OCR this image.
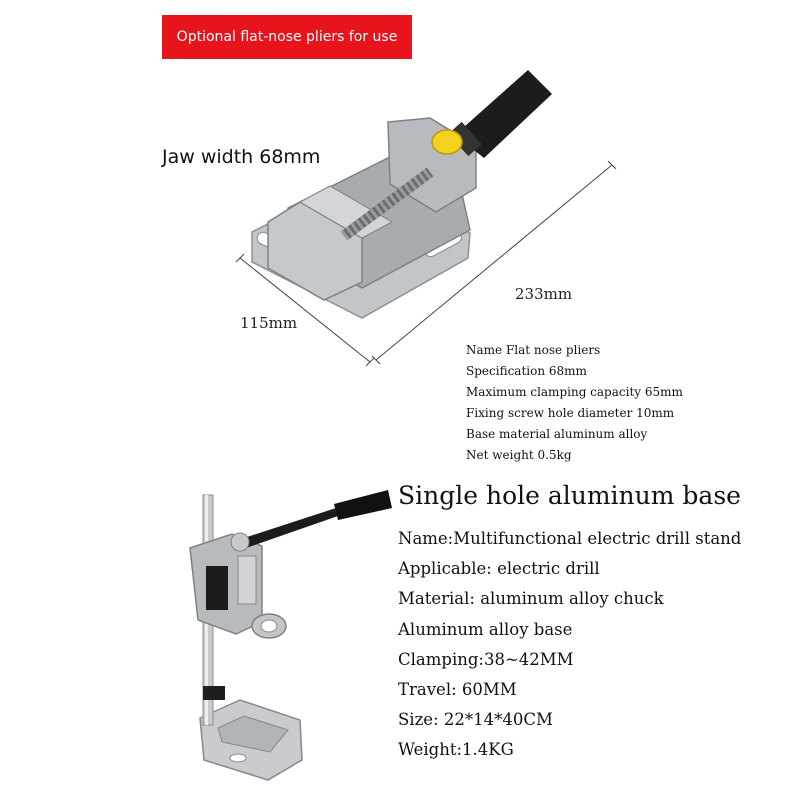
Optional flat-nose pliers for use
Jaw width 68mm
233mm
115mm
Name Flat nose pliers
Specification 68mm
Maximum clamping capacity 65mm
Fixing screw hole diameter 10mm
Base material aluminum alloy
Net weight 0.5kg
Single hole aluminum base
Name:Multifunctional electric drill stand
Applicable: electric drill
Material: aluminum alloy chuck
Aluminum alloy base
Clamping:38~42MM
Travel: 60MM
Size: 22*14*40CM
Weight:1.4KG
